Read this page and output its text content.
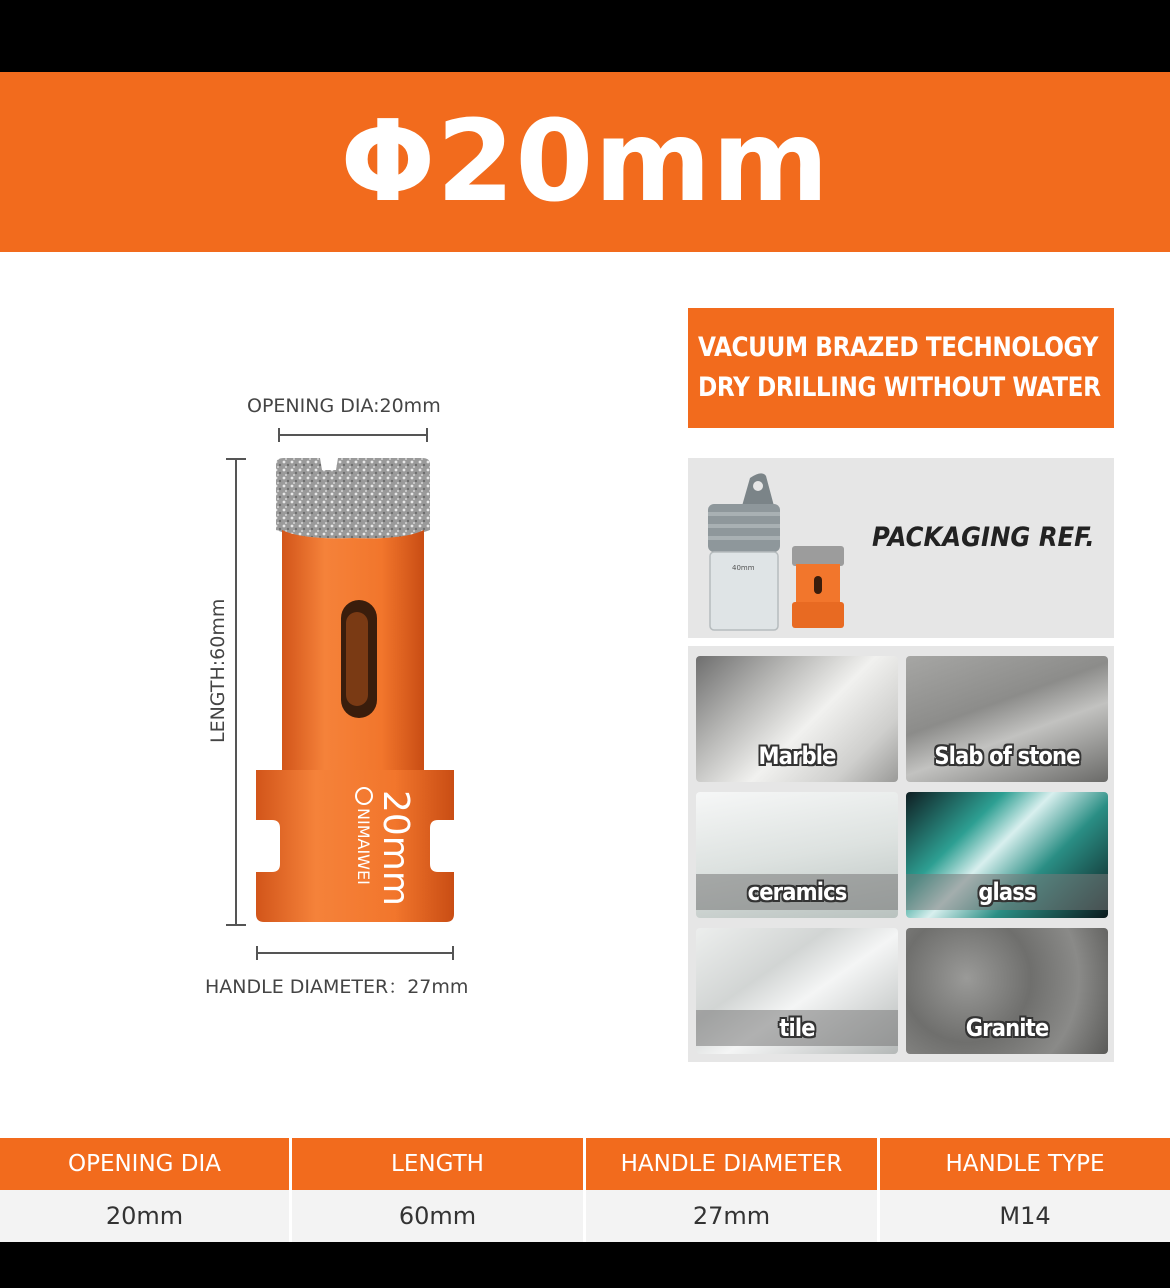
Φ20mm
OPENING DIA:20mm
LENGTH:60mm
HANDLE DIAMETER：27mm
NIMAIWEI 20mm
VACUUM BRAZED TECHNOLOGY
DRY DRILLING WITHOUT WATER
40mm
PACKAGING REF.
Marble	Slab of stone
ceramics	glass
tile	Granite
OPENING DIA	LENGTH	HANDLE DIAMETER	HANDLE TYPE
20mm	60mm	27mm	M14
